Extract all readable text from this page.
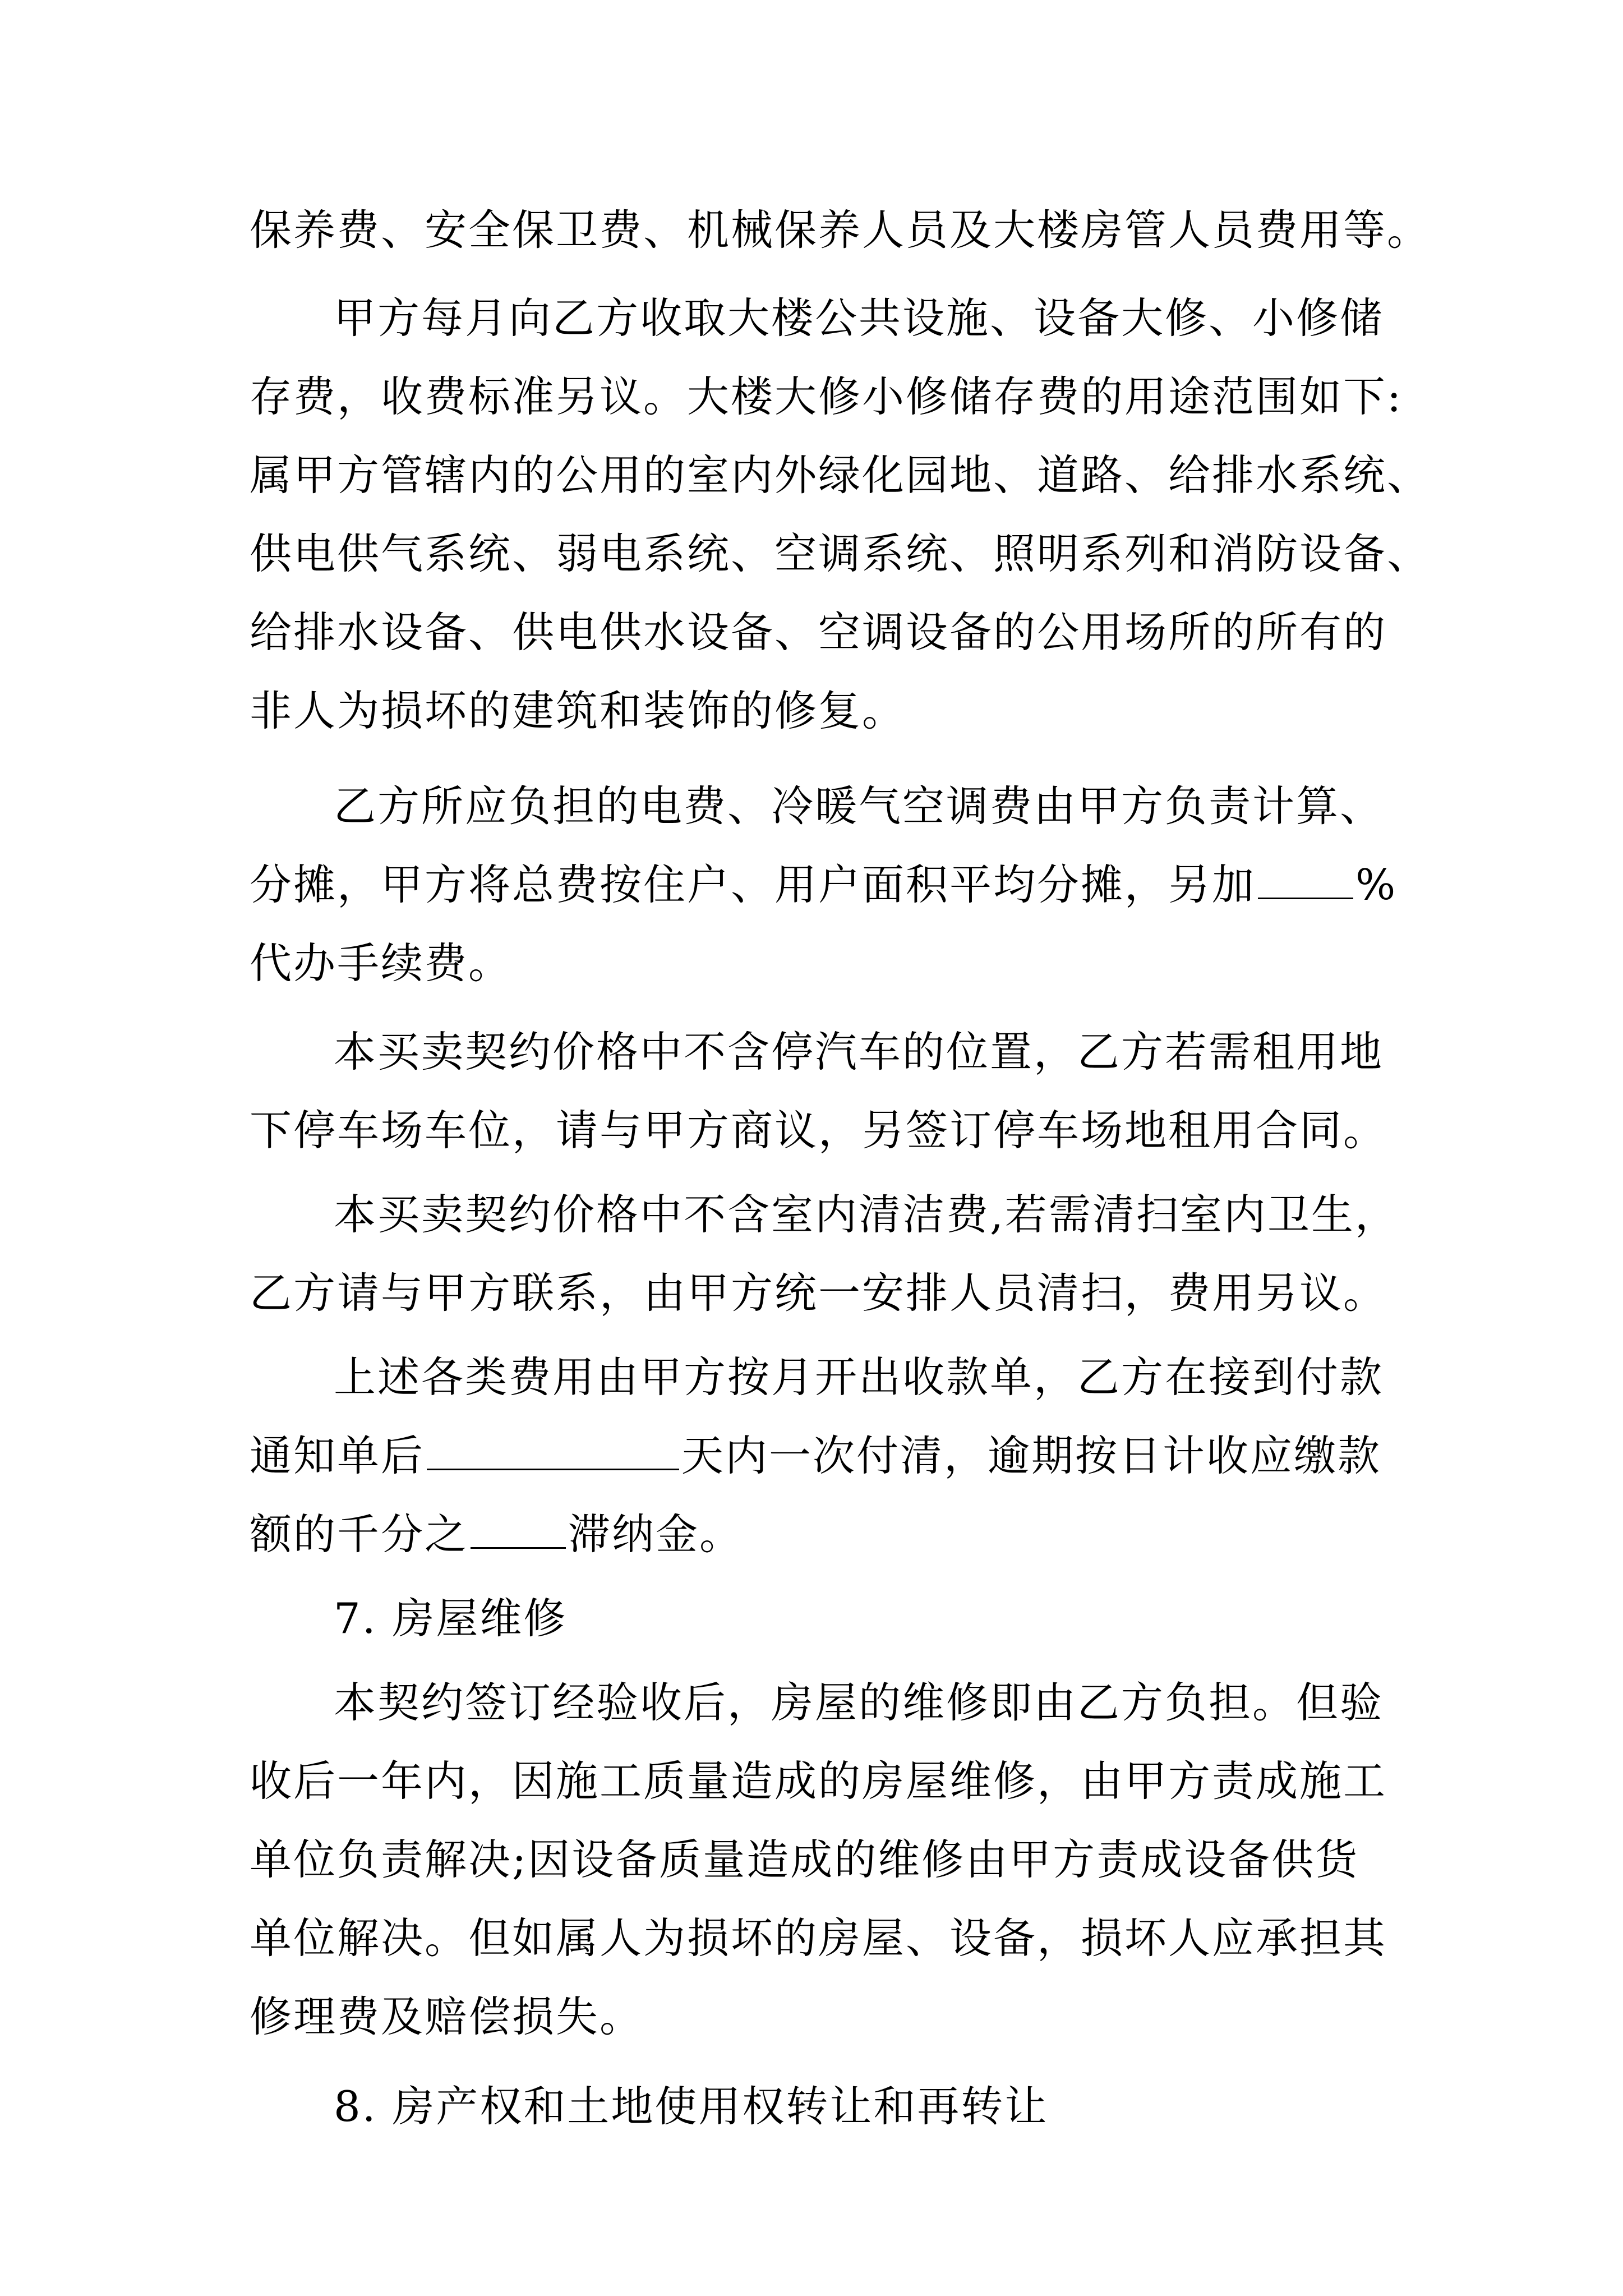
保养费、安全保卫费、机械保养人员及大楼房管人员费用等。
甲方每月向乙方收取大楼公共设施、设备大修、小修储
存费，收费标准另议。大楼大修小修储存费的用途范围如下:
属甲方管辖内的公用的室内外绿化园地、道路、给排水系统、
供电供气系统、弱电系统、空调系统、照明系列和消防设备、
给排水设备、供电供水设备、空调设备的公用场所的所有的
非人为损坏的建筑和装饰的修复。
乙方所应负担的电费、冷暖气空调费由甲方负责计算、
分摊，甲方将总费按住户、用户面积平均分摊，另加 %
代办手续费。
本买卖契约价格中不含停汽车的位置，乙方若需租用地
下停车场车位，请与甲方商议，另签订停车场地租用合同。
本买卖契约价格中不含室内清洁费,若需清扫室内卫生，
乙方请与甲方联系，由甲方统一安排人员清扫，费用另议。
上述各类费用由甲方按月开出收款单，乙方在接到付款
通知单后	天内一次付清，逾期按日计收应缴款
额的千分之 滞纳金。
7. 房屋维修
本契约签订经验收后，房屋的维修即由乙方负担。但验
收后一年内，因施工质量造成的房屋维修，由甲方责成施工
单位负责解决;因设备质量造成的维修由甲方责成设备供货
单位解决。但如属人为损坏的房屋、设备，损坏人应承担其
修理费及赔偿损失。
8. 房产权和土地使用权转让和再转让
